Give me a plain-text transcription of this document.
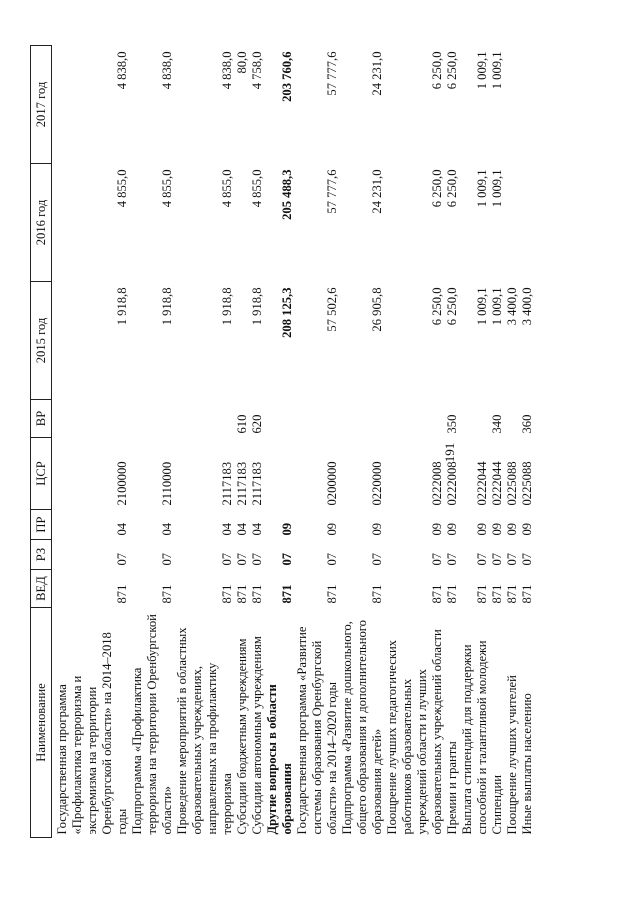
191
Наименование	ВЕД	РЗ	ПР	ЦСР	ВР	2015 год	2016 год	2017 год
Государственная программа «Профилактика терроризма и экстремизма на территории Оренбургской области» на 2014–2018 годы	871	07	04	2100000		1 918,8	4 855,0	4 838,0
Подпрограмма «Профилактика терроризма на территории Оренбургской области»	871	07	04	2110000		1 918,8	4 855,0	4 838,0
Проведение мероприятий в областных образовательных учреждениях, направленных на профилактику терроризма	871	07	04	2117183		1 918,8	4 855,0	4 838,0
Субсидии бюджетным учреждениям	871	07	04	2117183	610			80,0
Субсидии автономным учреждениям	871	07	04	2117183	620	1 918,8	4 855,0	4 758,0
Другие вопросы в области образования	871	07	09			208 125,3	205 488,3	203 760,6
Государственная программа «Развитие системы образования Оренбургской области» на 2014–2020 годы	871	07	09	0200000		57 502,6	57 777,6	57 777,6
Подпрограмма «Развитие дошкольного, общего образования и дополнительного образования детей»	871	07	09	0220000		26 905,8	24 231,0	24 231,0
Поощрение лучших педагогических работников образовательных учреждений области и лучших образовательных учреждений области	871	07	09	0222008		6 250,0	6 250,0	6 250,0
Премии и гранты	871	07	09	0222008	350	6 250,0	6 250,0	6 250,0
Выплата стипендий для поддержки способной и талантливой молодежи	871	07	09	0222044		1 009,1	1 009,1	1 009,1
Стипендии	871	07	09	0222044	340	1 009,1	1 009,1	1 009,1
Поощрение лучших учителей	871	07	09	0225088		3 400,0		
Иные выплаты населению	871	07	09	0225088	360	3 400,0		
